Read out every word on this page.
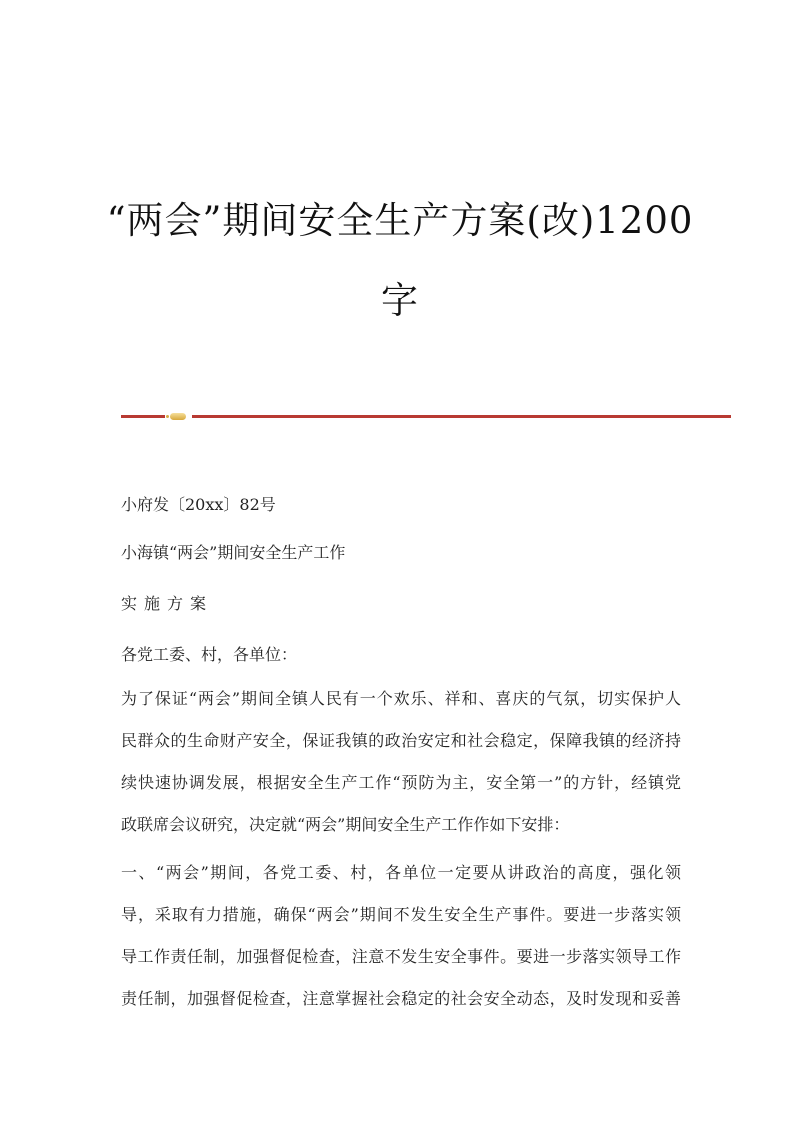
“两会”期间安全生产方案(改)1200
字

小府发〔20xx〕82号

小海镇“两会”期间安全生产工作

实施方案

各党工委、村，各单位：

为了保证“两会”期间全镇人民有一个欢乐、祥和、喜庆的气氛，切实保护人
民群众的生命财产安全，保证我镇的政治安定和社会稳定，保障我镇的经济持
续快速协调发展，根据安全生产工作“预防为主，安全第一”的方针，经镇党
政联席会议研究，决定就“两会”期间安全生产工作作如下安排：
一、“两会”期间，各党工委、村，各单位一定要从讲政治的高度，强化领
导，采取有力措施，确保“两会”期间不发生安全生产事件。要进一步落实领
导工作责任制，加强督促检查，注意不发生安全事件。要进一步落实领导工作
责任制，加强督促检查，注意掌握社会稳定的社会安全动态，及时发现和妥善
